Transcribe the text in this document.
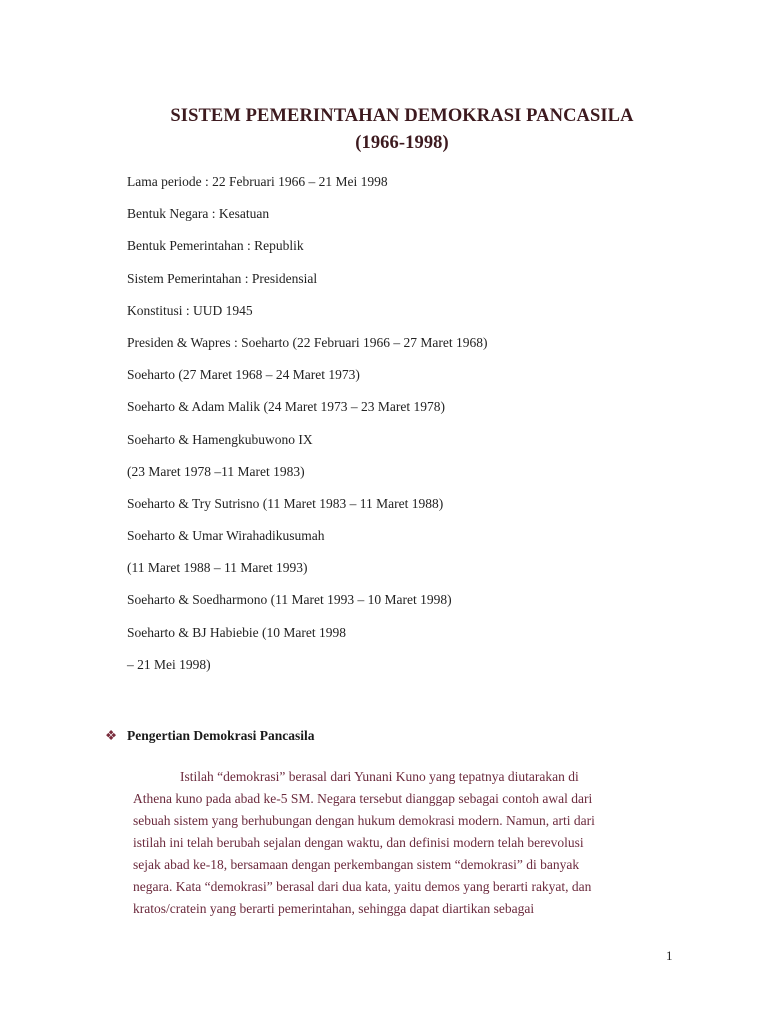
SISTEM PEMERINTAHAN DEMOKRASI PANCASILA
(1966-1998)
Lama periode : 22 Februari 1966 – 21 Mei 1998
Bentuk Negara : Kesatuan
Bentuk Pemerintahan : Republik
Sistem Pemerintahan : Presidensial
Konstitusi : UUD 1945
Presiden & Wapres : Soeharto (22 Februari 1966 – 27 Maret 1968)
Soeharto (27 Maret 1968 – 24 Maret 1973)
Soeharto & Adam Malik (24 Maret 1973 – 23 Maret 1978)
Soeharto & Hamengkubuwono IX
(23 Maret 1978 –11 Maret 1983)
Soeharto & Try Sutrisno (11 Maret 1983 – 11 Maret 1988)
Soeharto & Umar Wirahadikusumah
(11 Maret 1988 – 11 Maret 1993)
Soeharto & Soedharmono (11 Maret 1993 – 10 Maret 1998)
Soeharto & BJ Habiebie (10 Maret 1998
– 21 Mei 1998)
❖ Pengertian Demokrasi Pancasila
Istilah “demokrasi” berasal dari Yunani Kuno yang tepatnya diutarakan di
Athena kuno pada abad ke-5 SM. Negara tersebut dianggap sebagai contoh awal dari
sebuah sistem yang berhubungan dengan hukum demokrasi modern. Namun, arti dari
istilah ini telah berubah sejalan dengan waktu, dan definisi modern telah berevolusi
sejak abad ke-18, bersamaan dengan perkembangan sistem “demokrasi” di banyak
negara. Kata “demokrasi” berasal dari dua kata, yaitu demos yang berarti rakyat, dan
kratos/cratein yang berarti pemerintahan, sehingga dapat diartikan sebagai
1
